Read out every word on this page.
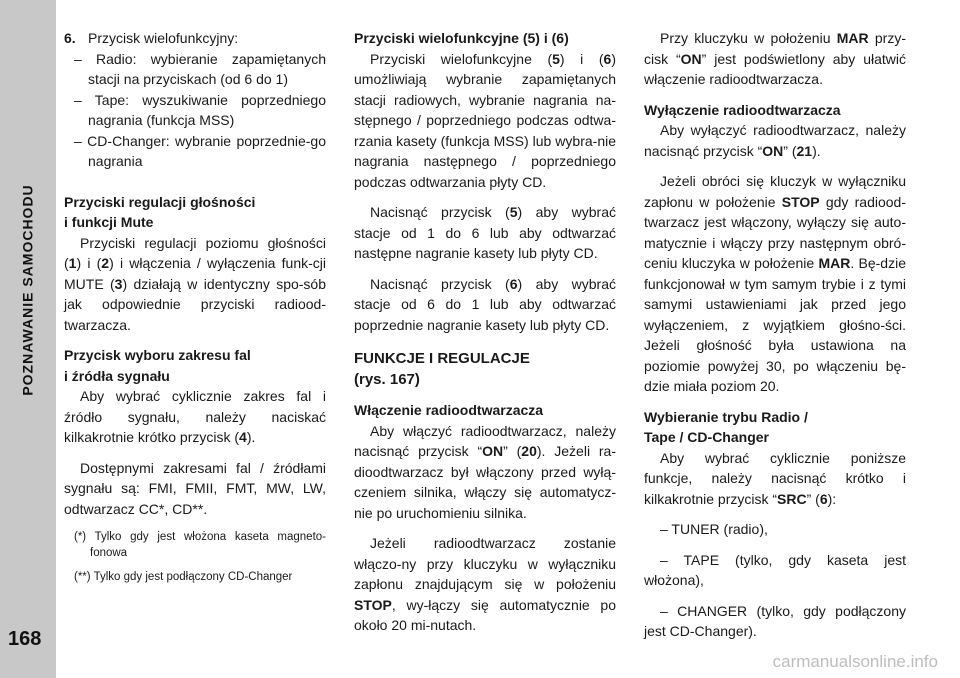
POZNAWANIE SAMOCHODU
168
6. Przycisk wielofunkcyjny:

– Radio: wybieranie zapamiętanych stacji na przyciskach (od 6 do 1)

– Tape: wyszukiwanie poprzedniego nagrania (funkcja MSS)

– CD-Changer: wybranie poprzednie-go nagrania

Przyciski regulacji głośności

i funkcji Mute

Przyciski regulacji poziomu głośności (1) i (2) i włączenia / wyłączenia funk-cji MUTE (3) działają w identyczny spo-sób jak odpowiednie przyciski radiood-twarzacza.

Przycisk wyboru zakresu fal

i źródła sygnału

Aby wybrać cyklicznie zakres fal i źródło sygnału, należy naciskać kilkakrotnie krótko przycisk (4).

Dostępnymi zakresami fal / źródłami sygnału są: FMI, FMII, FMT, MW, LW, odtwarzacz CC*, CD**.

(*) Tylko gdy jest włożona kaseta magneto-fonowa

(**) Tylko gdy jest podłączony CD-Changer

Przyciski wielofunkcyjne (5) i (6)

Przyciski wielofunkcyjne (5) i (6) umożliwiają wybranie zapamiętanych stacji radiowych, wybranie nagrania na-stępnego / poprzedniego podczas odtwa-rzania kasety (funkcja MSS) lub wybra-nie nagrania następnego / poprzedniego podczas odtwarzania płyty CD.

Nacisnąć przycisk (5) aby wybrać stacje od 1 do 6 lub aby odtwarzać następne nagranie kasety lub płyty CD.

Nacisnąć przycisk (6) aby wybrać stacje od 6 do 1 lub aby odtwarzać poprzednie nagranie kasety lub płyty CD.

FUNKCJE I REGULACJE

(rys. 167)

Włączenie radioodtwarzacza

Aby włączyć radioodtwarzacz, należy nacisnąć przycisk “ON” (20). Jeżeli ra-dioodtwarzacz był włączony przed wyłą-czeniem silnika, włączy się automatycz-nie po uruchomieniu silnika.

Jeżeli radioodtwarzacz zostanie włączo-ny przy kluczyku w wyłączniku zapłonu znajdującym się w położeniu STOP, wy-łączy się automatycznie po około 20 mi-nutach.

Przy kluczyku w położeniu MAR przy-cisk “ON” jest podświetlony aby ułatwić włączenie radioodtwarzacza.

Wyłączenie radioodtwarzacza

Aby wyłączyć radioodtwarzacz, należy nacisnąć przycisk “ON” (21).

Jeżeli obróci się kluczyk w wyłączniku zapłonu w położenie STOP gdy radiood-twarzacz jest włączony, wyłączy się auto-matycznie i włączy przy następnym obró-ceniu kluczyka w położenie MAR. Bę-dzie funkcjonował w tym samym trybie i z tymi samymi ustawieniami jak przed jego wyłączeniem, z wyjątkiem głośno-ści. Jeżeli głośność była ustawiona na poziomie powyżej 30, po włączeniu bę-dzie miała poziom 20.

Wybieranie trybu Radio /

Tape / CD-Changer

Aby wybrać cyklicznie poniższe funkcje, należy nacisnąć krótko i kilkakrotnie przycisk “SRC” (6):

– TUNER (radio),

– TAPE (tylko, gdy kaseta jest włożona),

– CHANGER (tylko, gdy podłączony jest CD-Changer).

carmanualsonline.info
